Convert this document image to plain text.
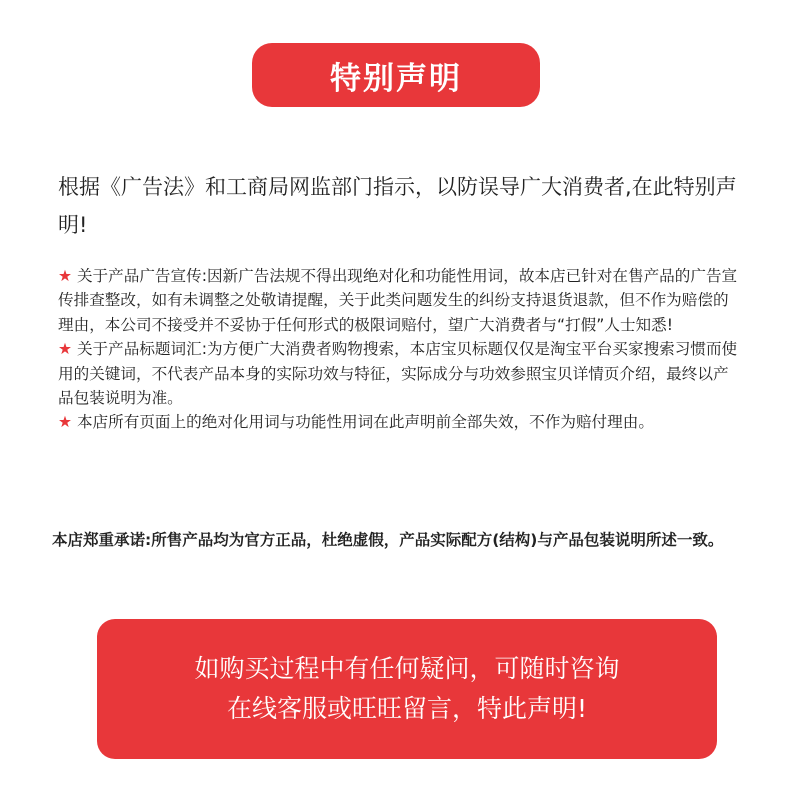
特别声明

根据《广告法》和工商局网监部门指示，以防误导广大消费者,在此特别声明!

★ 关于产品广告宣传:因新广告法规不得出现绝对化和功能性用词，故本店已针对在售产品的广告宣传排查整改，如有未调整之处敬请提醒，关于此类问题发生的纠纷支持退货退款，但不作为赔偿的理由，本公司不接受并不妥协于任何形式的极限词赔付，望广大消费者与“打假”人士知悉!
★ 关于产品标题词汇:为方便广大消费者购物搜索，本店宝贝标题仅仅是淘宝平台买家搜索习惯而使用的关键词，不代表产品本身的实际功效与特征，实际成分与功效参照宝贝详情页介绍，最终以产品包装说明为准。
★ 本店所有页面上的绝对化用词与功能性用词在此声明前全部失效，不作为赔付理由。

本店郑重承诺:所售产品均为官方正品，杜绝虚假，产品实际配方(结构)与产品包装说明所述一致。

如购买过程中有任何疑问，可随时咨询
在线客服或旺旺留言，特此声明!
